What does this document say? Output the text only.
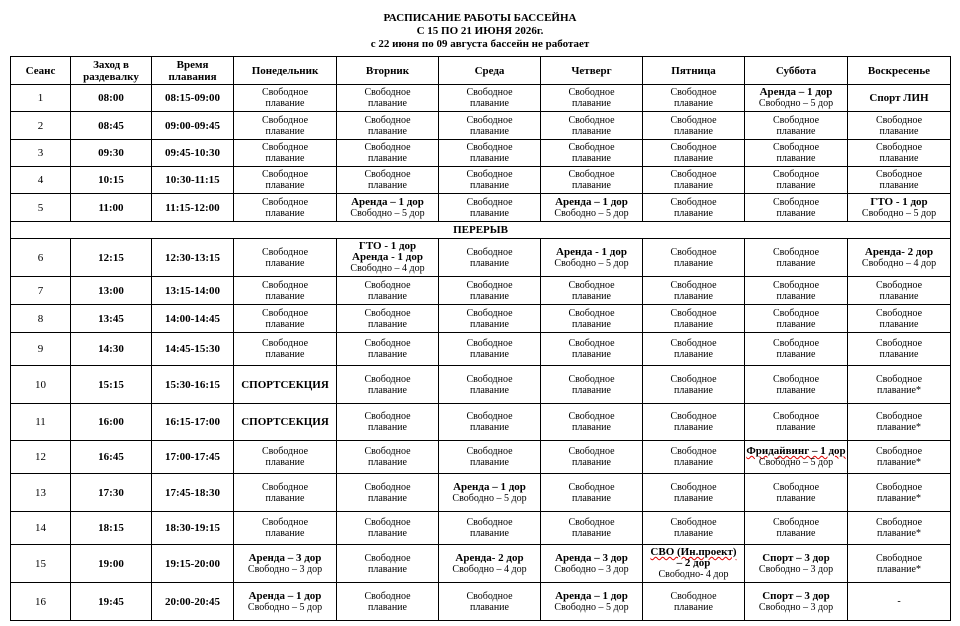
РАСПИСАНИЕ РАБОТЫ БАССЕЙНА
С 15 ПО 21 ИЮНЯ 2026г.
с 22 июня по 09 августа бассейн не работает
Сеанс	Заход в
раздевалку	Время
плавания	Понедельник	Вторник	Среда	Четверг	Пятница	Суббота	Воскресенье
1	08:00	08:15-09:00	Свободное
плавание	Свободное
плавание	Свободное
плавание	Свободное
плавание	Свободное
плавание	Аренда – 1 дор
Свободно – 5 дор	Спорт ЛИН

2	08:45	09:00-09:45	Свободное
плавание	Свободное
плавание	Свободное
плавание	Свободное
плавание	Свободное
плавание	Свободное
плавание	Свободное
плавание

3	09:30	09:45-10:30	Свободное
плавание	Свободное
плавание	Свободное
плавание	Свободное
плавание	Свободное
плавание	Свободное
плавание	Свободное
плавание

4	10:15	10:30-11:15	Свободное
плавание	Свободное
плавание	Свободное
плавание	Свободное
плавание	Свободное
плавание	Свободное
плавание	Свободное
плавание

5	11:00	11:15-12:00	Свободное
плавание	Аренда – 1 дор
Свободно – 5 дор	Свободное
плавание	Аренда – 1 дор
Свободно – 5 дор	Свободное
плавание	Свободное
плавание	ГТО - 1 дор
Свободно – 5 дор

ПЕРЕРЫВ									
6	12:15	12:30-13:15	Свободное
плавание	ГТО - 1 дор
Аренда - 1 дор
Свободно – 4 дор	Свободное
плавание	Аренда - 1 дор
Свободно – 5 дор	Свободное
плавание	Свободное
плавание	Аренда- 2 дор
Свободно – 4 дор

7	13:00	13:15-14:00	Свободное
плавание	Свободное
плавание	Свободное
плавание	Свободное
плавание	Свободное
плавание	Свободное
плавание	Свободное
плавание

8	13:45	14:00-14:45	Свободное
плавание	Свободное
плавание	Свободное
плавание	Свободное
плавание	Свободное
плавание	Свободное
плавание	Свободное
плавание

9	14:30	14:45-15:30	Свободное
плавание	Свободное
плавание	Свободное
плавание	Свободное
плавание	Свободное
плавание	Свободное
плавание	Свободное
плавание

10	15:15	15:30-16:15	СПОРТСЕКЦИЯ	Свободное
плавание	Свободное
плавание	Свободное
плавание	Свободное
плавание	Свободное
плавание	Свободное
плавание*

11	16:00	16:15-17:00	СПОРТСЕКЦИЯ	Свободное
плавание	Свободное
плавание	Свободное
плавание	Свободное
плавание	Свободное
плавание	Свободное
плавание*

12	16:45	17:00-17:45	Свободное
плавание	Свободное
плавание	Свободное
плавание	Свободное
плавание	Свободное
плавание	Фридайвинг – 1 дор
Свободно – 5 дор	Свободное
плавание*

13	17:30	17:45-18:30	Свободное
плавание	Свободное
плавание	Аренда – 1 дор
Свободно – 5 дор	Свободное
плавание	Свободное
плавание	Свободное
плавание	Свободное
плавание*

14	18:15	18:30-19:15	Свободное
плавание	Свободное
плавание	Свободное
плавание	Свободное
плавание	Свободное
плавание	Свободное
плавание	Свободное
плавание*

15	19:00	19:15-20:00	Аренда – 3 дор
Свободно – 3 дор	Свободное
плавание	Аренда- 2 дор
Свободно – 4 дор	Аренда – 3 дор
Свободно – 3 дор	СВО (Ин.проект)
– 2 дор
Свободно- 4 дор	Спорт – 3 дор
Свободно – 3 дор	Свободное
плавание*

16	19:45	20:00-20:45	Аренда – 1 дор
Свободно – 5 дор	Свободное
плавание	Свободное
плавание	Аренда – 1 дор
Свободно – 5 дор	Свободное
плавание	Спорт – 3 дор
Свободно – 3 дор	-
